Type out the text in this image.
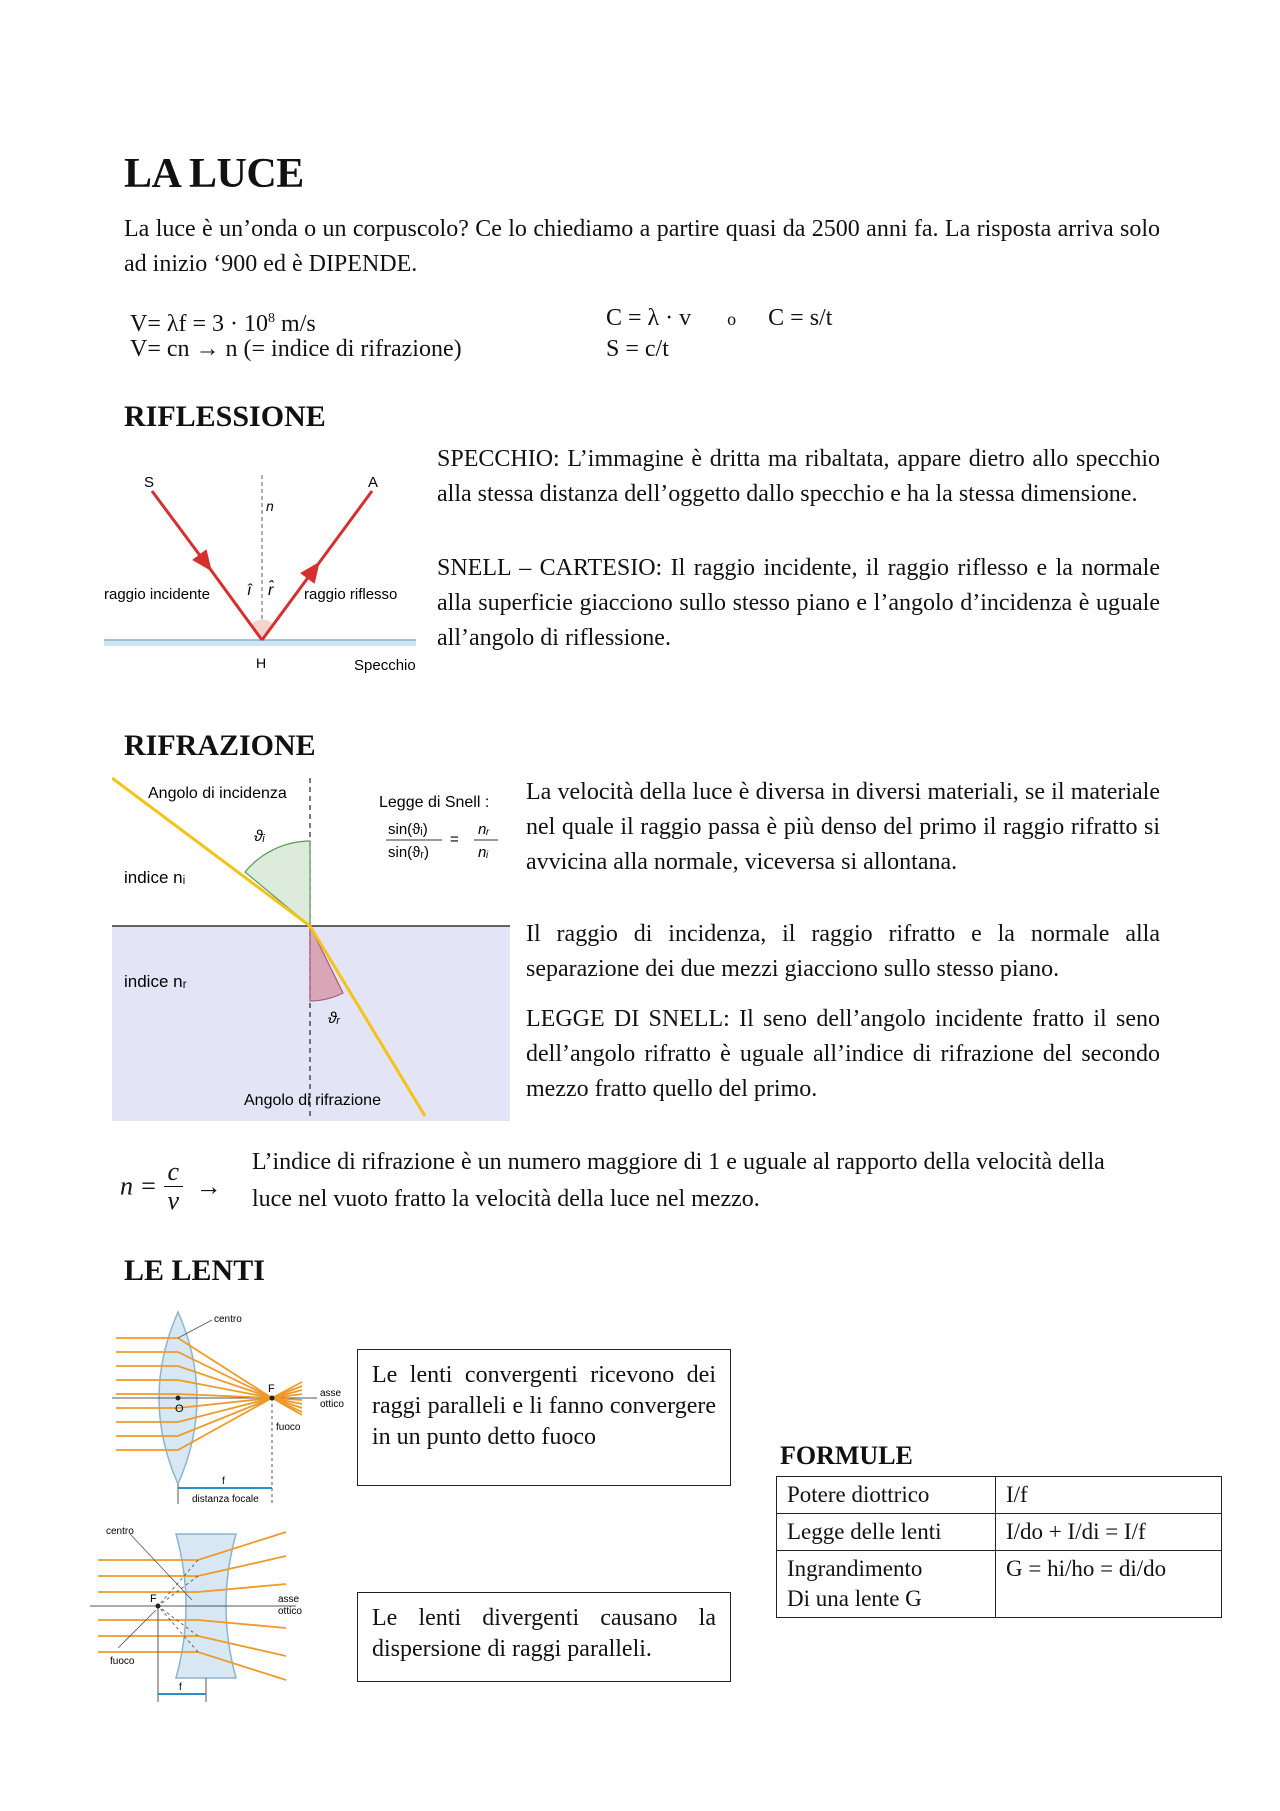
LA LUCE
La luce è un’onda o un corpuscolo? Ce lo chiediamo a partire quasi da 2500 anni fa. La risposta arriva solo ad inizio ‘900 ed è DIPENDE.
$V= \lambda f = 3 \cdot 10^8$ m/s
V= cn → n (= indice di rifrazione)
C = λ · v o C = s/t
S = c/t
RIFLESSIONE
S	A
n
î r̂
raggio incidente	raggio riflesso
H	Specchio
SPECCHIO: L’immagine è dritta ma ribaltata, appare dietro allo specchio alla stessa distanza dell’oggetto dallo specchio e ha la stessa dimensione.
SNELL – CARTESIO: Il raggio incidente, il raggio riflesso e la normale alla superficie giacciono sullo stesso piano e l’angolo d’incidenza è uguale all’angolo di riflessione.
RIFRAZIONE
Angolo di incidenza
Angolo di rifrazione
Legge di Snell :
sin(ϑᵢ)
sin(ϑᵣ)
=
nᵣ
nᵢ
ϑᵢ
ϑᵣ
indice nᵢ
indice nᵣ
La velocità della luce è diversa in diversi materiali, se il materiale nel quale il raggio passa è più denso del primo il raggio rifratto si avvicina alla normale, viceversa si allontana.
Il raggio di incidenza, il raggio rifratto e la normale alla separazione dei due mezzi giacciono sullo stesso piano.
LEGGE DI SNELL: Il seno dell’angolo incidente fratto il seno dell’angolo rifratto è uguale all’indice di rifrazione del secondo mezzo fratto quello del primo.
$n = \frac{c}{v}$ →
L’indice di rifrazione è un numero maggiore di 1 e uguale al rapporto della velocità della luce nel vuoto fratto la velocità della luce nel mezzo.
LE LENTI
centro
O
F	asse
ottico
fuoco
f
distanza focale
Le lenti convergenti ricevono dei raggi paralleli e li fanno convergere in un punto detto fuoco
centro
F	asse
ottico
fuoco
f
Le lenti divergenti causano la dispersione di raggi paralleli.
FORMULE
Potere diottrico	I/f
Legge delle lenti	I/do + I/di = I/f
Ingrandimento
Di una lente G	G = hi/ho = di/do
